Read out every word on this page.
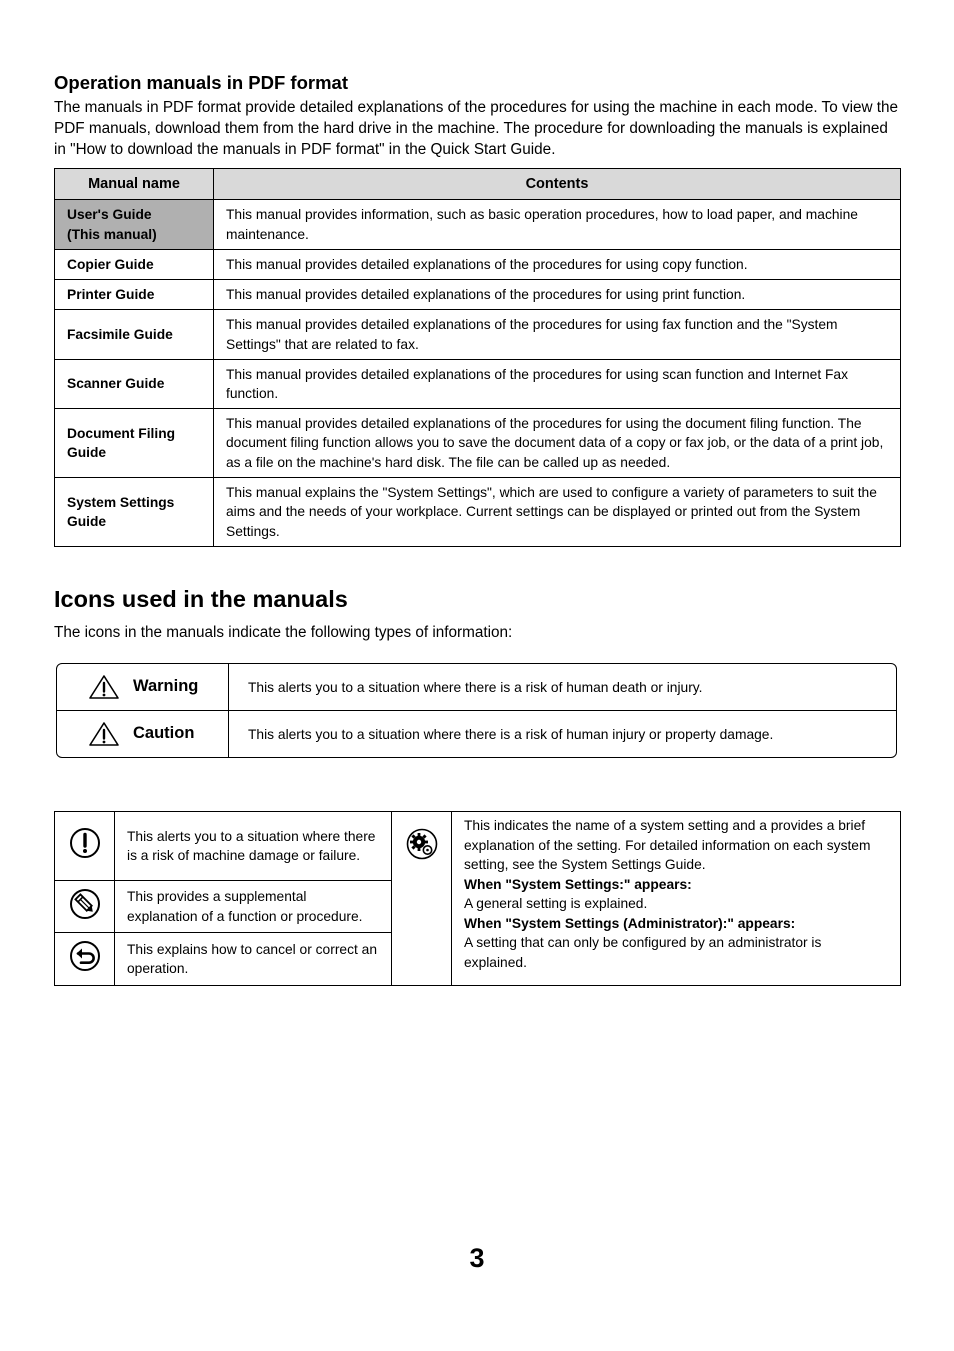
Operation manuals in PDF format

The manuals in PDF format provide detailed explanations of the procedures for using the machine in each mode. To view the PDF manuals, download them from the hard drive in the machine. The procedure for downloading the manuals is explained in "How to download the manuals in PDF format" in the Quick Start Guide.

Manual name	Contents

User's Guide
(This manual)	This manual provides information, such as basic operation procedures, how to load paper, and machine maintenance.

Copier Guide	This manual provides detailed explanations of the procedures for using copy function.

Printer Guide	This manual provides detailed explanations of the procedures for using print function.

Facsimile Guide	This manual provides detailed explanations of the procedures for using fax function and the "System Settings" that are related to fax.

Scanner Guide	This manual provides detailed explanations of the procedures for using scan function and Internet Fax function.

Document Filing
Guide	This manual provides detailed explanations of the procedures for using the document filing function. The document filing function allows you to save the document data of a copy or fax job, or the data of a print job, as a file on the machine's hard disk. The file can be called up as needed.

System Settings
Guide	This manual explains the "System Settings", which are used to configure a variety of parameters to suit the aims and the needs of your workplace. Current settings can be displayed or printed out from the System Settings.
Icons used in the manuals

The icons in the manuals indicate the following types of information:

Warning	This alerts you to a situation where there is a risk of human death or injury.
Caution	This alerts you to a situation where there is a risk of human injury or property damage.
	This alerts you to a situation where there is a risk of machine damage or failure.		This indicates the name of a system setting and a provides a brief explanation of the setting. For detailed information on each system setting, see the System Settings Guide.
When "System Settings:" appears:
A general setting is explained.
When "System Settings (Administrator):" appears:
A setting that can only be configured by an administrator is explained.

	This provides a supplemental explanation of a function or procedure.		
	This explains how to cancel or correct an operation.		
3
